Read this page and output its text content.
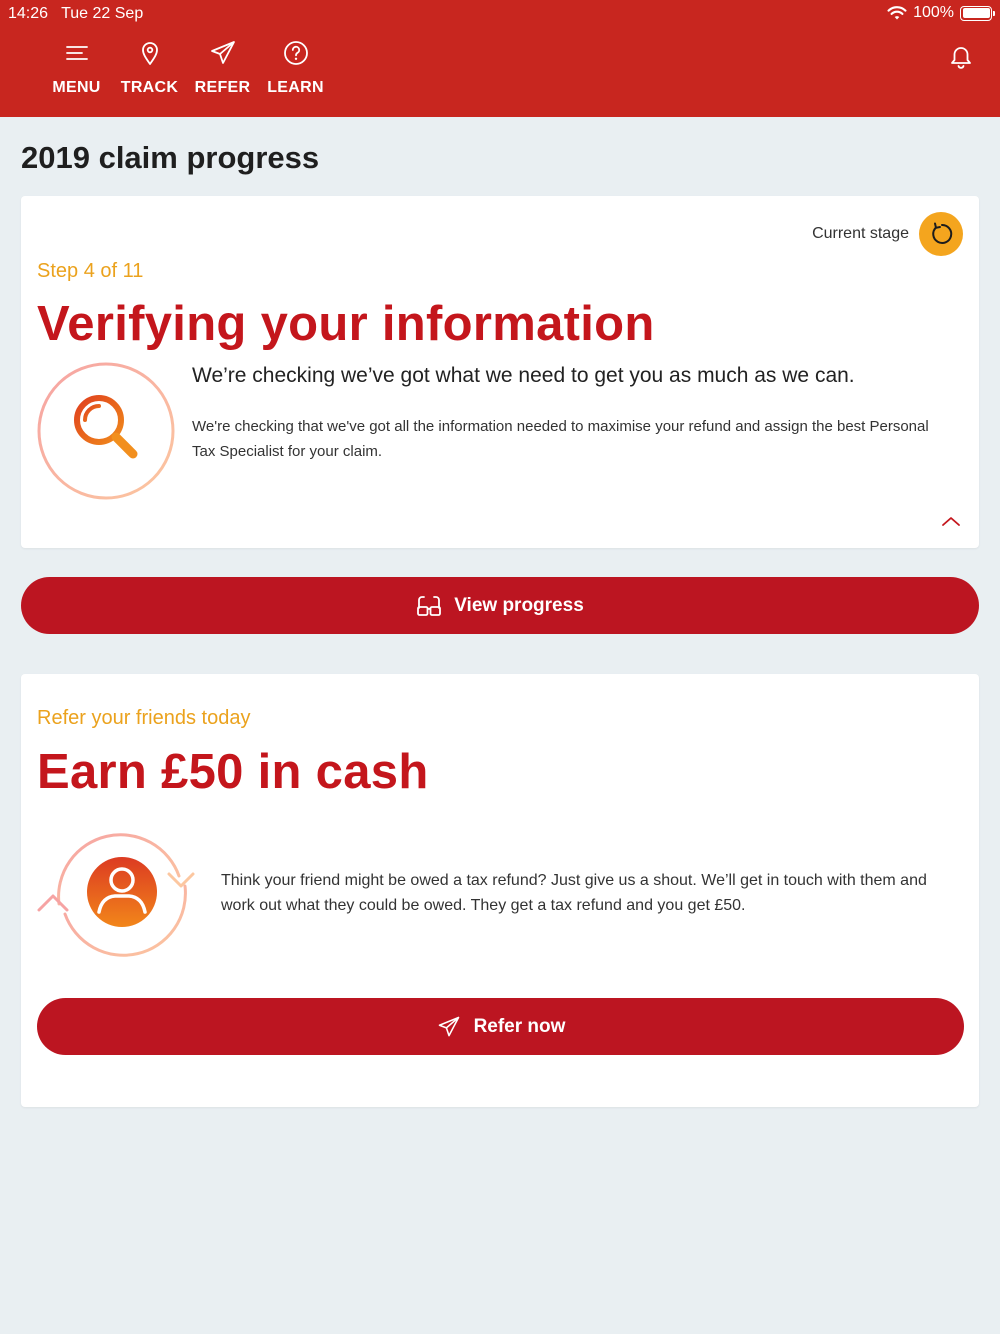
14:26 Tue 22 Sep	100%
MENU TRACK REFER LEARN
2019 claim progress
Current stage
Step 4 of 11
Verifying your information

We’re checking we’ve got what we need to get you as much as we can.

We're checking that we've got all the information needed to maximise your refund and assign the best Personal Tax Specialist for your claim.

View progress
Refer your friends today
Earn £50 in cash

Think your friend might be owed a tax refund? Just give us a shout. We’ll get in touch with them and work out what they could be owed. They get a tax refund and you get £50.

Refer now
